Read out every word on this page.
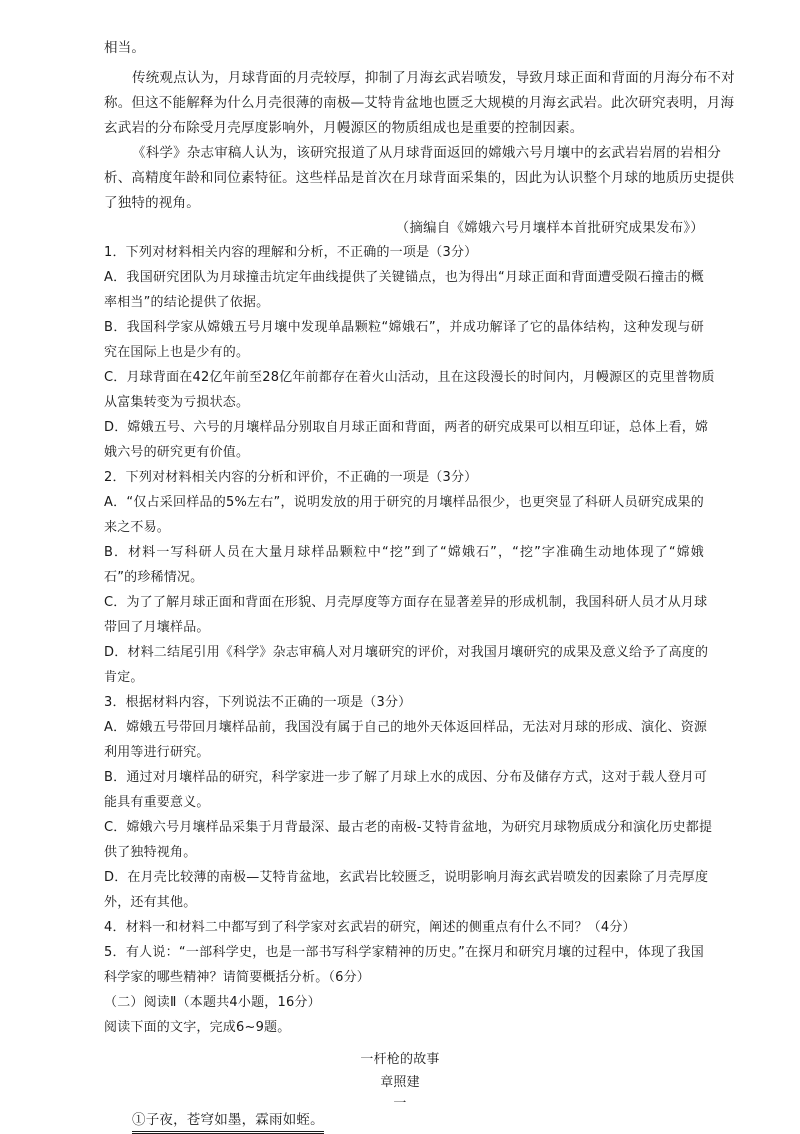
相当。
传统观点认为，月球背面的月壳较厚，抑制了月海玄武岩喷发，导致月球正面和背面的月海分布不对
称。但这不能解释为什么月壳很薄的南极—艾特肯盆地也匮乏大规模的月海玄武岩。此次研究表明，月海
玄武岩的分布除受月壳厚度影响外，月幔源区的物质组成也是重要的控制因素。
《科学》杂志审稿人认为，该研究报道了从月球背面返回的嫦娥六号月壤中的玄武岩岩屑的岩相分
析、高精度年龄和同位素特征。这些样品是首次在月球背面采集的，因此为认识整个月球的地质历史提供
了独特的视角。
（摘编自《嫦娥六号月壤样本首批研究成果发布》）
1．下列对材料相关内容的理解和分析，不正确的一项是（3分）
A．我国研究团队为月球撞击坑定年曲线提供了关键锚点，也为得出“月球正面和背面遭受陨石撞击的概
率相当”的结论提供了依据。
B．我国科学家从嫦娥五号月壤中发现单晶颗粒“嫦娥石”，并成功解译了它的晶体结构，这种发现与研
究在国际上也是少有的。
C．月球背面在42亿年前至28亿年前都存在着火山活动，且在这段漫长的时间内，月幔源区的克里普物质
从富集转变为亏损状态。
D．嫦娥五号、六号的月壤样品分别取自月球正面和背面，两者的研究成果可以相互印证，总体上看，嫦
娥六号的研究更有价值。
2．下列对材料相关内容的分析和评价，不正确的一项是（3分）
A．“仅占采回样品的5%左右”，说明发放的用于研究的月壤样品很少，也更突显了科研人员研究成果的
来之不易。
B．材料一写科研人员在大量月球样品颗粒中“挖”到了“嫦娥石”，“挖”字准确生动地体现了“嫦娥
石”的珍稀情况。
C．为了了解月球正面和背面在形貌、月壳厚度等方面存在显著差异的形成机制，我国科研人员才从月球
带回了月壤样品。
D．材料二结尾引用《科学》杂志审稿人对月壤研究的评价，对我国月壤研究的成果及意义给予了高度的
肯定。
3．根据材料内容，下列说法不正确的一项是（3分）
A．嫦娥五号带回月壤样品前，我国没有属于自己的地外天体返回样品，无法对月球的形成、演化、资源
利用等进行研究。
B．通过对月壤样品的研究，科学家进一步了解了月球上水的成因、分布及储存方式，这对于载人登月可
能具有重要意义。
C．嫦娥六号月壤样品采集于月背最深、最古老的南极-艾特肯盆地，为研究月球物质成分和演化历史都提
供了独特视角。
D．在月壳比较薄的南极—艾特肯盆地，玄武岩比较匮乏，说明影响月海玄武岩喷发的因素除了月壳厚度
外，还有其他。
4．材料一和材料二中都写到了科学家对玄武岩的研究，阐述的侧重点有什么不同？（4分）
5．有人说：“一部科学史，也是一部书写科学家精神的历史。”在探月和研究月壤的过程中，体现了我国
科学家的哪些精神？请简要概括分析。（6分）
（二）阅读Ⅱ（本题共4小题，16分）
阅读下面的文字，完成6~9题。
一杆枪的故事
章照建
一
①子夜，苍穹如墨，霖雨如蛭。
